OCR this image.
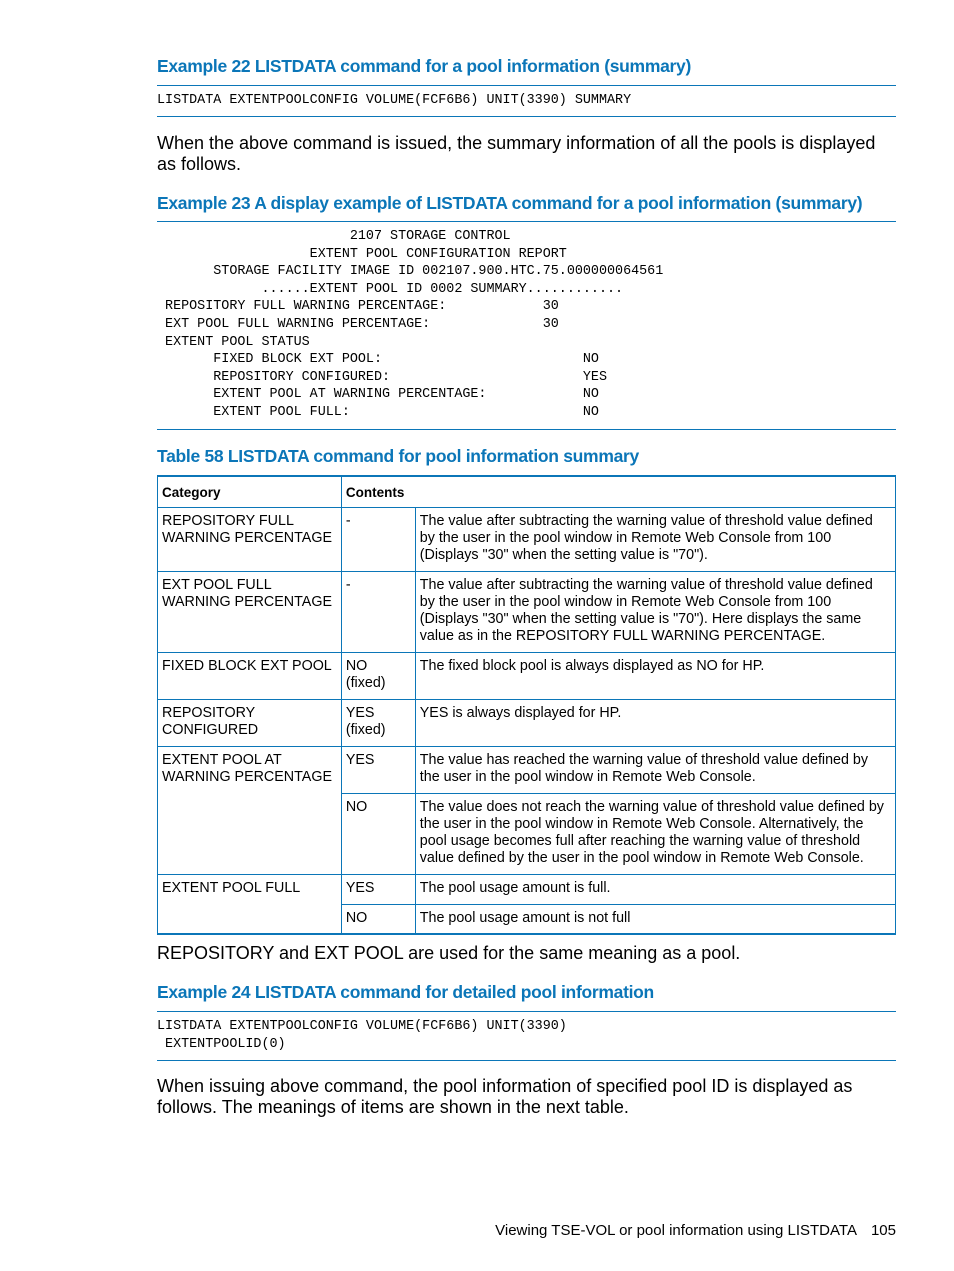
Example 22 LISTDATA command for a pool information (summary)
LISTDATA EXTENTPOOLCONFIG VOLUME(FCF6B6) UNIT(3390) SUMMARY

When the above command is issued, the summary information of all the pools is displayed as follows.

Example 23 A display example of LISTDATA command for a pool information (summary)
2107 STORAGE CONTROL
EXTENT POOL CONFIGURATION REPORT
STORAGE FACILITY IMAGE ID 002107.900.HTC.75.000000064561
......EXTENT POOL ID 0002 SUMMARY............
REPOSITORY FULL WARNING PERCENTAGE:            30
EXT POOL FULL WARNING PERCENTAGE:              30
EXTENT POOL STATUS
FIXED BLOCK EXT POOL:                         NO
REPOSITORY CONFIGURED:                        YES
EXTENT POOL AT WARNING PERCENTAGE:            NO
EXTENT POOL FULL:                             NO
Table 58 LISTDATA command for pool information summary
Category	Contents	
REPOSITORY FULL WARNING PERCENTAGE	-	The value after subtracting the warning value of threshold value defined by the user in the pool window in Remote Web Console from 100 (Displays "30" when the setting value is "70").
EXT POOL FULL WARNING PERCENTAGE	-	The value after subtracting the warning value of threshold value defined by the user in the pool window in Remote Web Console from 100 (Displays "30" when the setting value is "70"). Here displays the same value as in the REPOSITORY FULL WARNING PERCENTAGE.
FIXED BLOCK EXT POOL	NO (fixed)	The fixed block pool is always displayed as NO for HP.
REPOSITORY CONFIGURED	YES (fixed)	YES is always displayed for HP.
EXTENT POOL AT WARNING PERCENTAGE	YES	The value has reached the warning value of threshold value defined by the user in the pool window in Remote Web Console.
	NO	The value does not reach the warning value of threshold value defined by the user in the pool window in Remote Web Console. Alternatively, the pool usage becomes full after reaching the warning value of threshold value defined by the user in the pool window in Remote Web Console.
EXTENT POOL FULL	YES	The pool usage amount is full.
	NO	The pool usage amount is not full

REPOSITORY and EXT POOL are used for the same meaning as a pool.

Example 24 LISTDATA command for detailed pool information
LISTDATA EXTENTPOOLCONFIG VOLUME(FCF6B6) UNIT(3390)
EXTENTPOOLID(0)

When issuing above command, the pool information of specified pool ID is displayed as follows. The meanings of items are shown in the next table.

Viewing TSE-VOL or pool information using LISTDATA 105
